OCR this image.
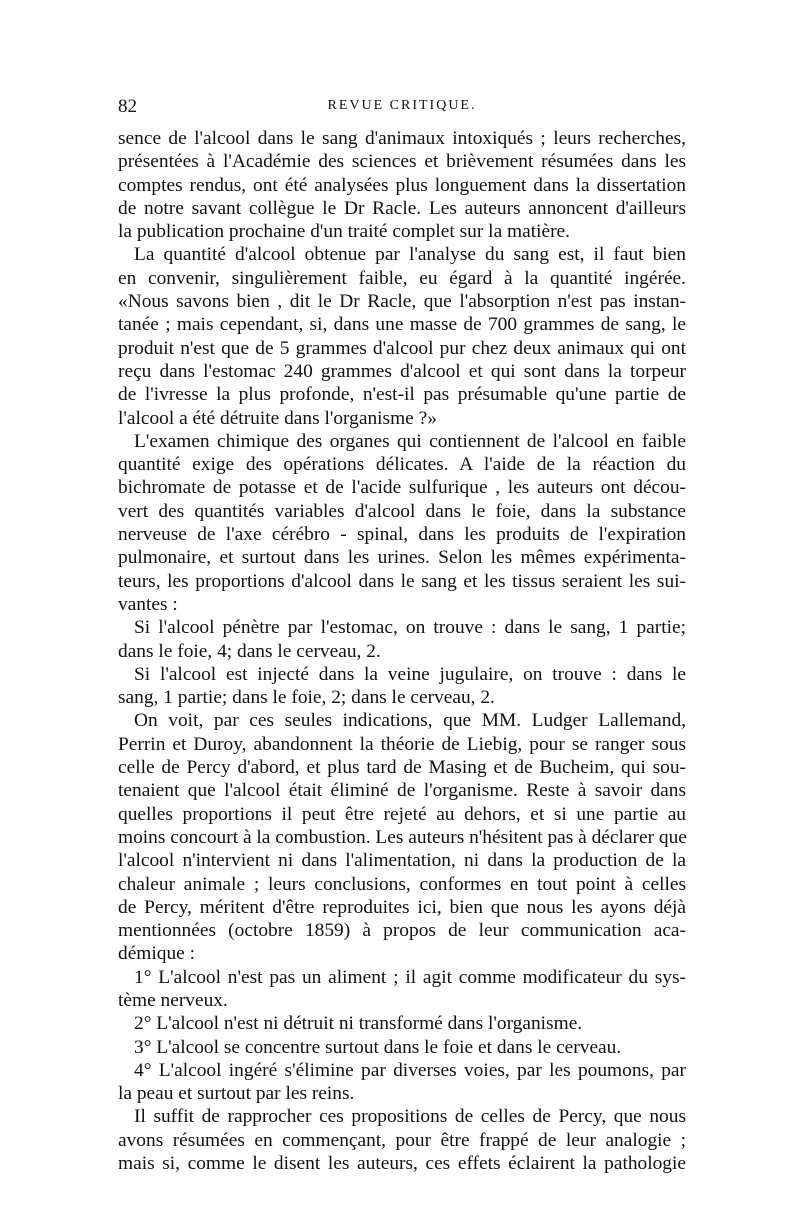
82	REVUE CRITIQUE.
sence de l'alcool dans le sang d'animaux intoxiqués ; leurs recherches,
présentées à l'Académie des sciences et brièvement résumées dans les
comptes rendus, ont été analysées plus longuement dans la dissertation
de notre savant collègue le Dr Racle. Les auteurs annoncent d'ailleurs
la publication prochaine d'un traité complet sur la matière.
La quantité d'alcool obtenue par l'analyse du sang est, il faut bien
en convenir, singulièrement faible, eu égard à la quantité ingérée.
«Nous savons bien , dit le Dr Racle, que l'absorption n'est pas instan-
tanée ; mais cependant, si, dans une masse de 700 grammes de sang, le
produit n'est que de 5 grammes d'alcool pur chez deux animaux qui ont
reçu dans l'estomac 240 grammes d'alcool et qui sont dans la torpeur
de l'ivresse la plus profonde, n'est-il pas présumable qu'une partie de
l'alcool a été détruite dans l'organisme ?»
L'examen chimique des organes qui contiennent de l'alcool en faible
quantité exige des opérations délicates. A l'aide de la réaction du
bichromate de potasse et de l'acide sulfurique , les auteurs ont décou-
vert des quantités variables d'alcool dans le foie, dans la substance
nerveuse de l'axe cérébro - spinal, dans les produits de l'expiration
pulmonaire, et surtout dans les urines. Selon les mêmes expérimenta-
teurs, les proportions d'alcool dans le sang et les tissus seraient les sui-
vantes :
Si l'alcool pénètre par l'estomac, on trouve : dans le sang, 1 partie;
dans le foie, 4; dans le cerveau, 2.
Si l'alcool est injecté dans la veine jugulaire, on trouve : dans le
sang, 1 partie; dans le foie, 2; dans le cerveau, 2.
On voit, par ces seules indications, que MM. Ludger Lallemand,
Perrin et Duroy, abandonnent la théorie de Liebig, pour se ranger sous
celle de Percy d'abord, et plus tard de Masing et de Bucheim, qui sou-
tenaient que l'alcool était éliminé de l'organisme. Reste à savoir dans
quelles proportions il peut être rejeté au dehors, et si une partie au
moins concourt à la combustion. Les auteurs n'hésitent pas à déclarer que
l'alcool n'intervient ni dans l'alimentation, ni dans la production de la
chaleur animale ; leurs conclusions, conformes en tout point à celles
de Percy, méritent d'être reproduites ici, bien que nous les ayons déjà
mentionnées (octobre 1859) à propos de leur communication aca-
démique :
1° L'alcool n'est pas un aliment ; il agit comme modificateur du sys-
tème nerveux.
2° L'alcool n'est ni détruit ni transformé dans l'organisme.
3° L'alcool se concentre surtout dans le foie et dans le cerveau.
4° L'alcool ingéré s'élimine par diverses voies, par les poumons, par
la peau et surtout par les reins.
Il suffit de rapprocher ces propositions de celles de Percy, que nous
avons résumées en commençant, pour être frappé de leur analogie ;
mais si, comme le disent les auteurs, ces effets éclairent la pathologie
